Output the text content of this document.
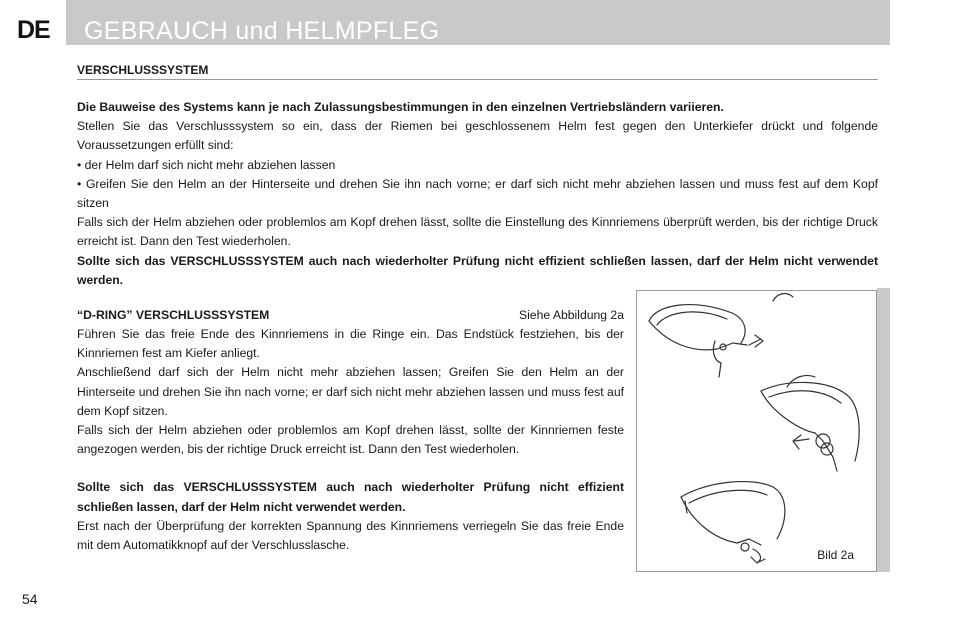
DE GEBRAUCH und HELMPFLEG
VERSCHLUSSSYSTEM

Die Bauweise des Systems kann je nach Zulassungsbestimmungen in den einzelnen Vertriebsländern variieren.

Stellen Sie das Verschlusssystem so ein, dass der Riemen bei geschlossenem Helm fest gegen den Unterkiefer drückt und folgende Voraussetzungen erfüllt sind:

• der Helm darf sich nicht mehr abziehen lassen

• Greifen Sie den Helm an der Hinterseite und drehen Sie ihn nach vorne; er darf sich nicht mehr abziehen lassen und muss fest auf dem Kopf sitzen

Falls sich der Helm abziehen oder problemlos am Kopf drehen lässt, sollte die Einstellung des Kinnriemens überprüft werden, bis der richtige Druck erreicht ist. Dann den Test wiederholen.

Sollte sich das VERSCHLUSSSYSTEM auch nach wiederholter Prüfung nicht effizient schließen lassen, darf der Helm nicht verwendet werden.

“D-RING” VERSCHLUSSSYSTEM	Siehe Abbildung 2a

Führen Sie das freie Ende des Kinnriemens in die Ringe ein. Das Endstück festziehen, bis der Kinnriemen fest am Kiefer anliegt.

Anschließend darf sich der Helm nicht mehr abziehen lassen; Greifen Sie den Helm an der Hinterseite und drehen Sie ihn nach vorne; er darf sich nicht mehr abziehen lassen und muss fest auf dem Kopf sitzen.

Falls sich der Helm abziehen oder problemlos am Kopf drehen lässt, sollte der Kinnriemen feste angezogen werden, bis der richtige Druck erreicht ist. Dann den Test wiederholen.

Sollte sich das VERSCHLUSSSYSTEM auch nach wiederholter Prüfung nicht effizient schließen lassen, darf der Helm nicht verwendet werden.

Erst nach der Überprüfung der korrekten Spannung des Kinnriemens verriegeln Sie das freie Ende mit dem Automatikknopf auf der Verschlusslasche.

Bild 2a
54
